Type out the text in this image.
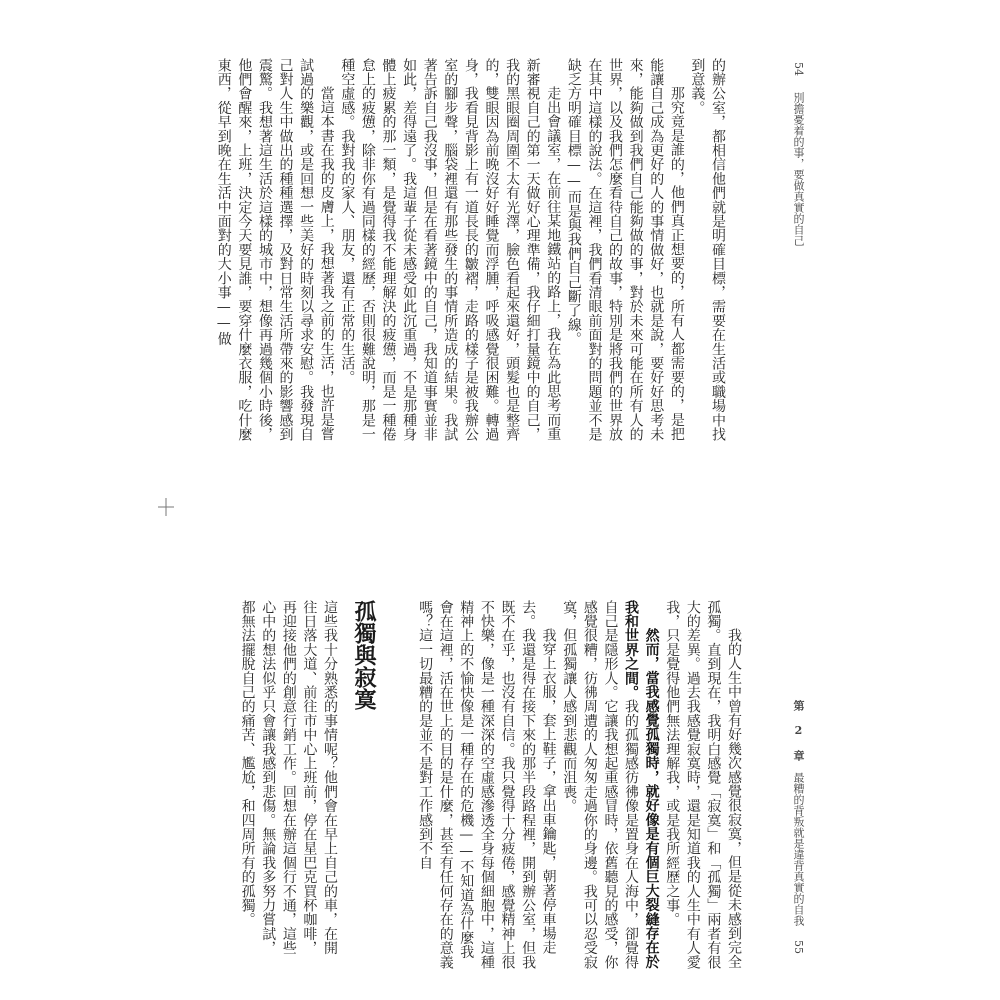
的辦公室，都相信他們就是明確目標，需要在生活或職場中找到意義。

那究竟是誰的，他們真正想要的，所有人都需要的，是把能讓自己成為更好的人的事情做好，也就是說，要好好思考未來，能夠做到我們自己能夠做的事，對於未來可能在所有人的世界，以及我們怎麼看待自己的故事，特別是將我們的世界放在其中這樣的說法。在這裡，我們看清眼前面對的問題並不是缺乏方明確目標——而是與我們自己斷了線。

走出會議室，在前往某地鐵站的路上，我在為此思考而重新審視自己的第一天做好心理準備，我仔細打量鏡中的自己，我的黑眼圈周圍不太有光澤，臉色看起來還好，頭髮也是整齊的，雙眼因為前晚沒好好睡覺而浮腫，呼吸感覺很困難。轉過身，我看見背影上有一道長長的皺褶，走路的樣子是被我辦公室的腳步聲，腦袋裡還有那些發生的事情所造成的結果。我試著告訴自己我沒事，但是在看著鏡中的自己，我知道事實並非如此，差得遠了。我這輩子從未感受如此沉重過，不是那種身體上疲累的那一類，是覺得我不能理解決的疲憊，而是一種倦怠上的疲憊，除非你有過同樣的經歷，否則很難說明，那是一種空虛感。我對我的家人、朋友，還有正常的生活。

當這本書在我的皮膚上，我想著我之前的生活，也許是嘗試過的樂觀，或是回想一些美好的時刻以尋求安慰。我發現自己對人生中做出的種種選擇，及對日常生活所帶來的影響感到震驚。我想著這生活於這樣的城市中，想像再過幾個小時後，他們會醒來，上班，決定今天要見誰，要穿什麼衣服，吃什麼東西，從早到晚在生活中面對的大小事——做	別擔憂着的事，要做真實的自己
54

這些我十分熟悉的事情呢？他們會在早上自己的車，在開往日落大道、前往市中心上班前，停在星巴克買杯咖啡，再迎接他們的創意行銷工作。回想在辦這個行不通，這些心中的想法似乎只會讓我感到悲傷。無論我多努力嘗試，都無法擺脫自己的痛苦、尷尬，和四周所有的孤獨。	孤獨與寂寞	我的人生中曾有好幾次感覺很寂寞，但是從未感到完全孤獨。直到現在，我明白感覺「寂寞」和「孤獨」兩者有很大的差異。過去我感覺寂寞時，還是知道我的人生中有人愛我，只是覺得他們無法理解我，或是我所經歷之事。

然而，當我感覺孤獨時，就好像是有個巨大裂縫存在於我和世界之間。我的孤獨感彷彿像是置身在人海中，卻覺得自己是隱形人。它讓我想起重感冒時，依舊聽見的感受，你感覺很糟，彷彿周遭的人匆匆走過你的身邊。我可以忍受寂寞，但孤獨讓人感到悲觀而沮喪。

我穿上衣服，套上鞋子，拿出車鑰匙，朝著停車場走去。我還是得在接下來的那半段路程裡，開到辦公室，但我既不在乎，也沒有自信。我只覺得十分疲倦，感覺精神上很不快樂，像是一種深深的空虛感滲透全身每個細胞中，這種精神上的不愉快像是一種存在的危機——不知道為什麼我會在這裡，活在世上的目的是什麼，甚至有任何存在的意義嗎？這一切最糟的是並不是對工作感到不自	第 2 章　最糟的背叛就是違背真實的自我
55
